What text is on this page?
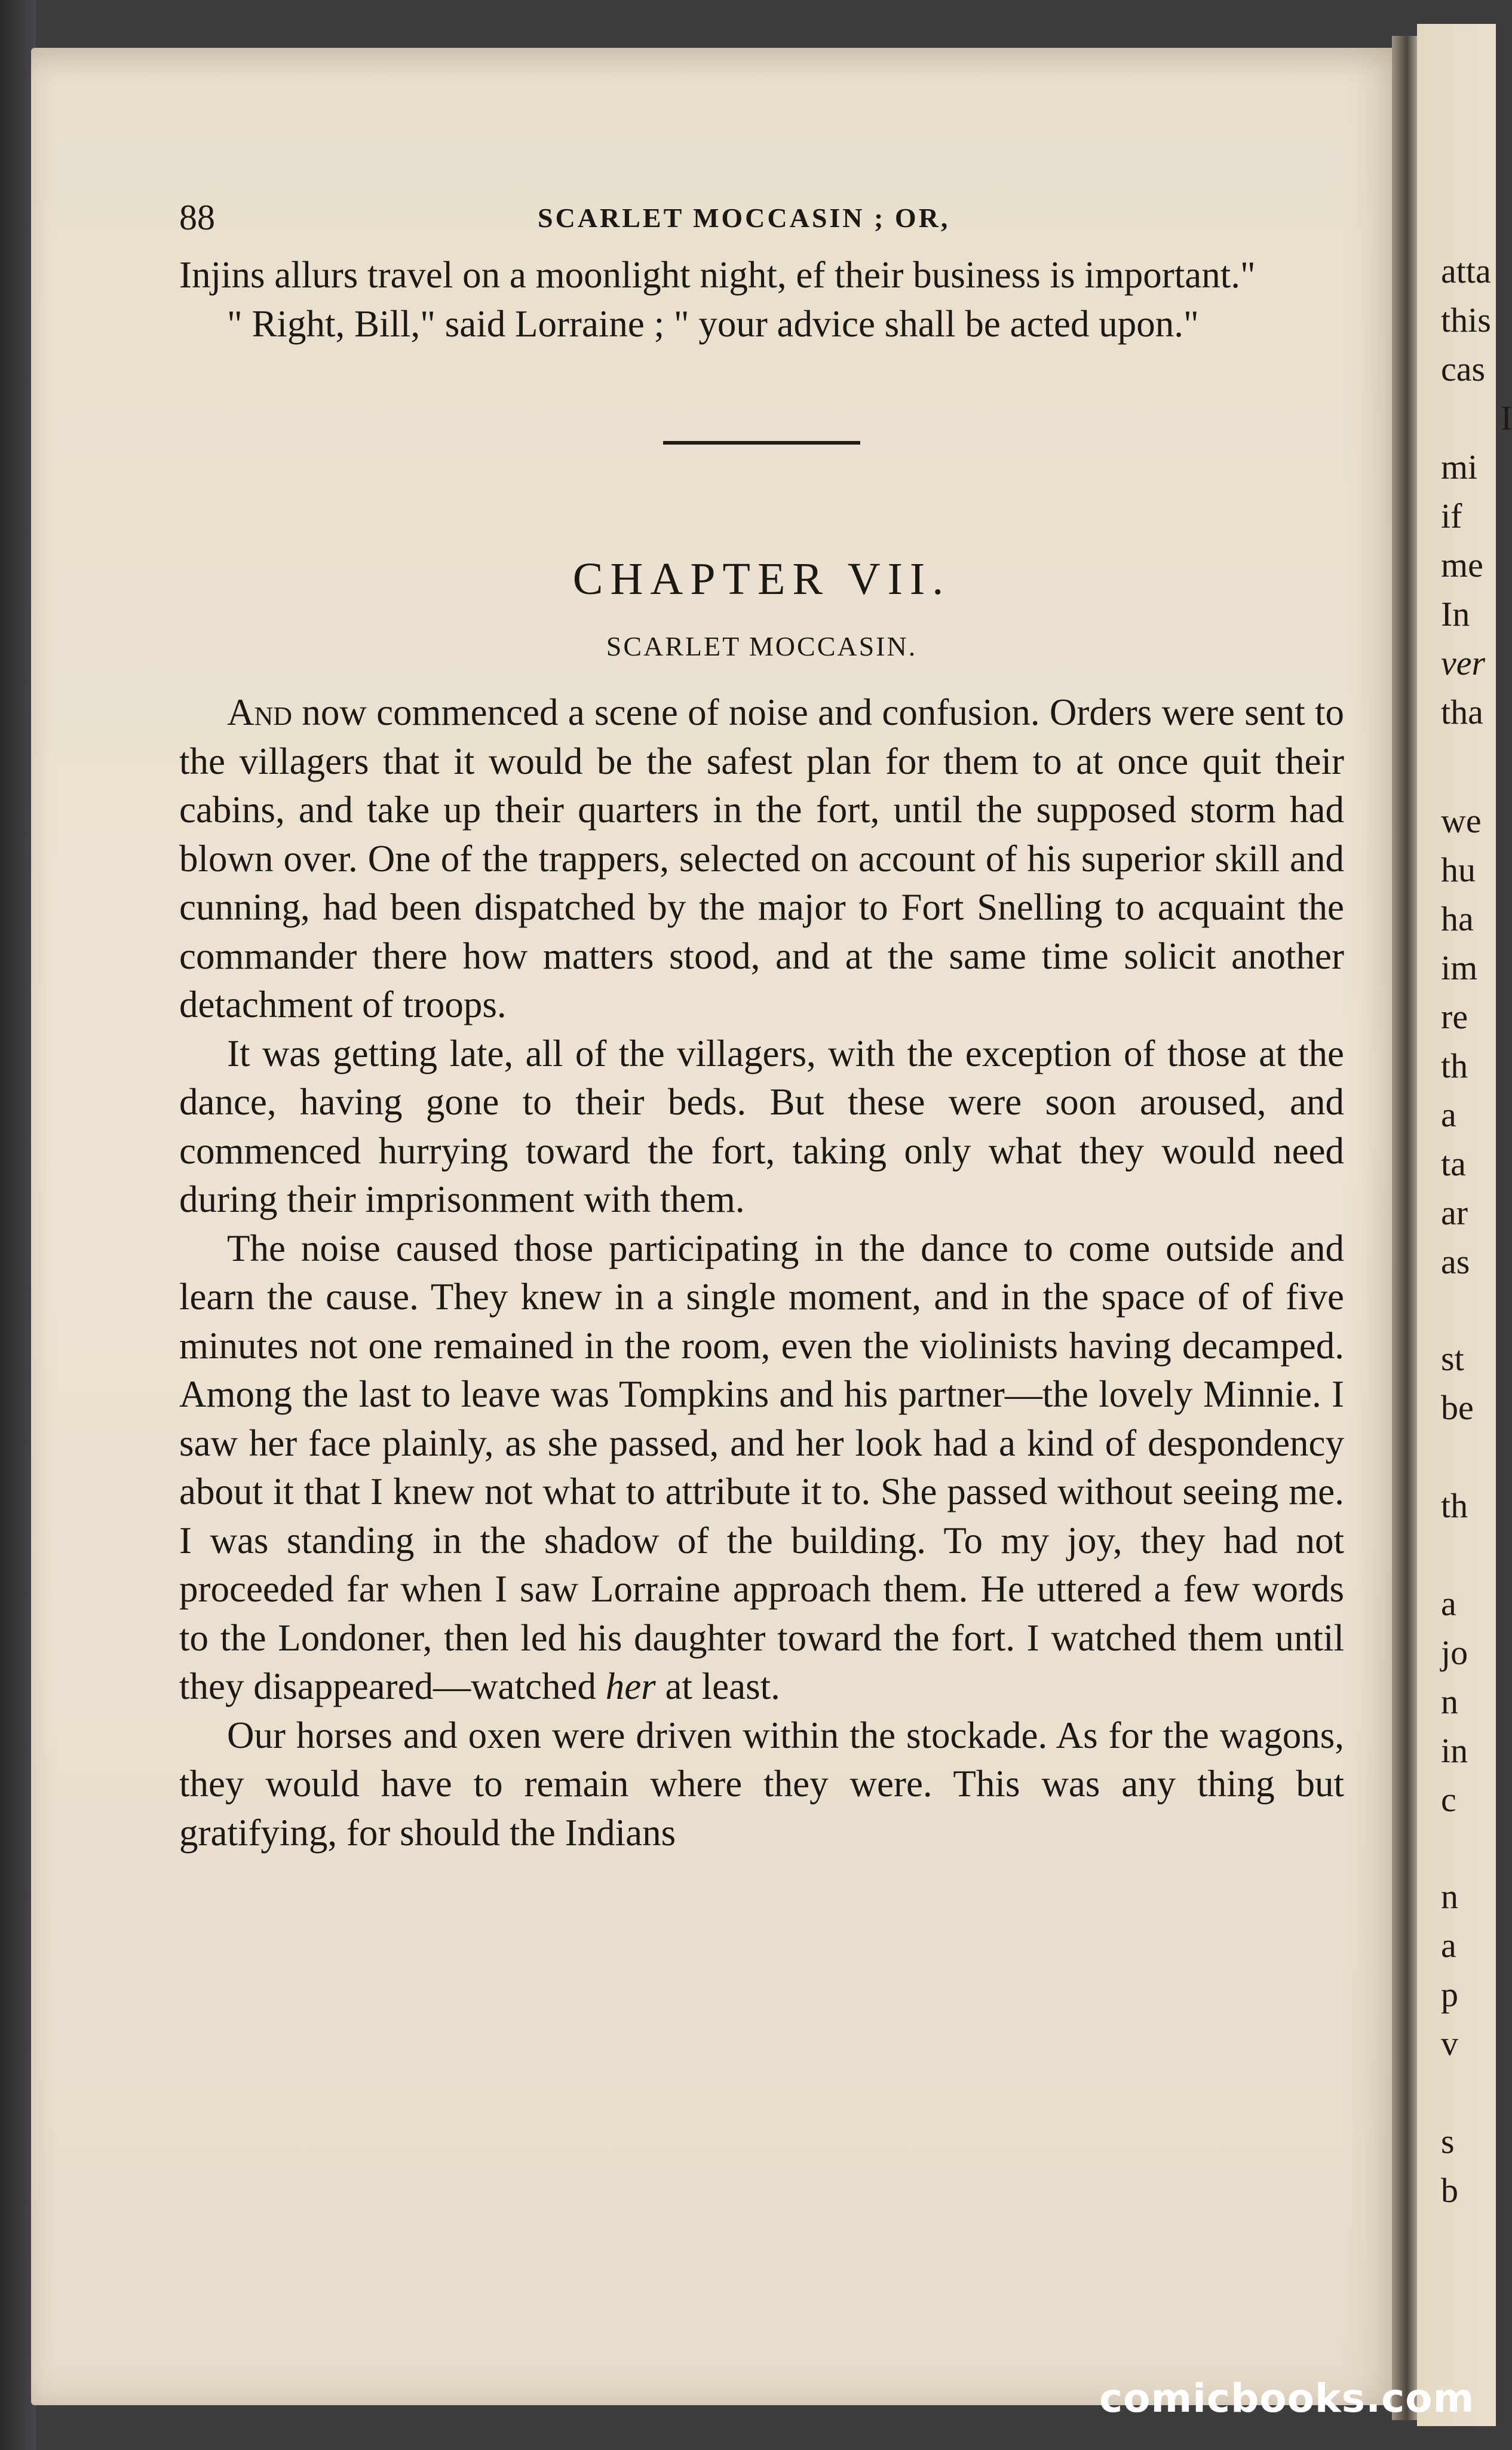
atta
this
cas
I
mi
if
me
In
ver
tha
we
hu
ha
im
re
th
a
ta
ar
as
st
be
th
a
jo
n
in
c
n
a
p
v
s
b
88	SCARLET MOCCASIN ; OR,

Injins allurs travel on a moonlight night, ef their business is important."

" Right, Bill," said Lorraine ; " your advice shall be acted upon."

CHAPTER VII.
SCARLET MOCCASIN.

And now commenced a scene of noise and confusion. Orders were sent to the villagers that it would be the safest plan for them to at once quit their cabins, and take up their quarters in the fort, until the supposed storm had blown over. One of the trappers, selected on account of his superior skill and cunning, had been dispatched by the major to Fort Snelling to acquaint the commander there how matters stood, and at the same time solicit another detachment of troops.

It was getting late, all of the villagers, with the exception of those at the dance, having gone to their beds. But these were soon aroused, and commenced hurrying toward the fort, taking only what they would need during their imprisonment with them.

The noise caused those participating in the dance to come outside and learn the cause. They knew in a single moment, and in the space of of five minutes not one remained in the room, even the violinists having decamped. Among the last to leave was Tompkins and his partner—the lovely Minnie. I saw her face plainly, as she passed, and her look had a kind of despondency about it that I knew not what to attribute it to. She passed without seeing me. I was standing in the shadow of the building. To my joy, they had not proceeded far when I saw Lorraine approach them. He uttered a few words to the Londoner, then led his daughter toward the fort. I watched them until they disappeared—watched her at least.

Our horses and oxen were driven within the stockade. As for the wagons, they would have to remain where they were. This was any thing but gratifying, for should the Indians

comicbooks.com
